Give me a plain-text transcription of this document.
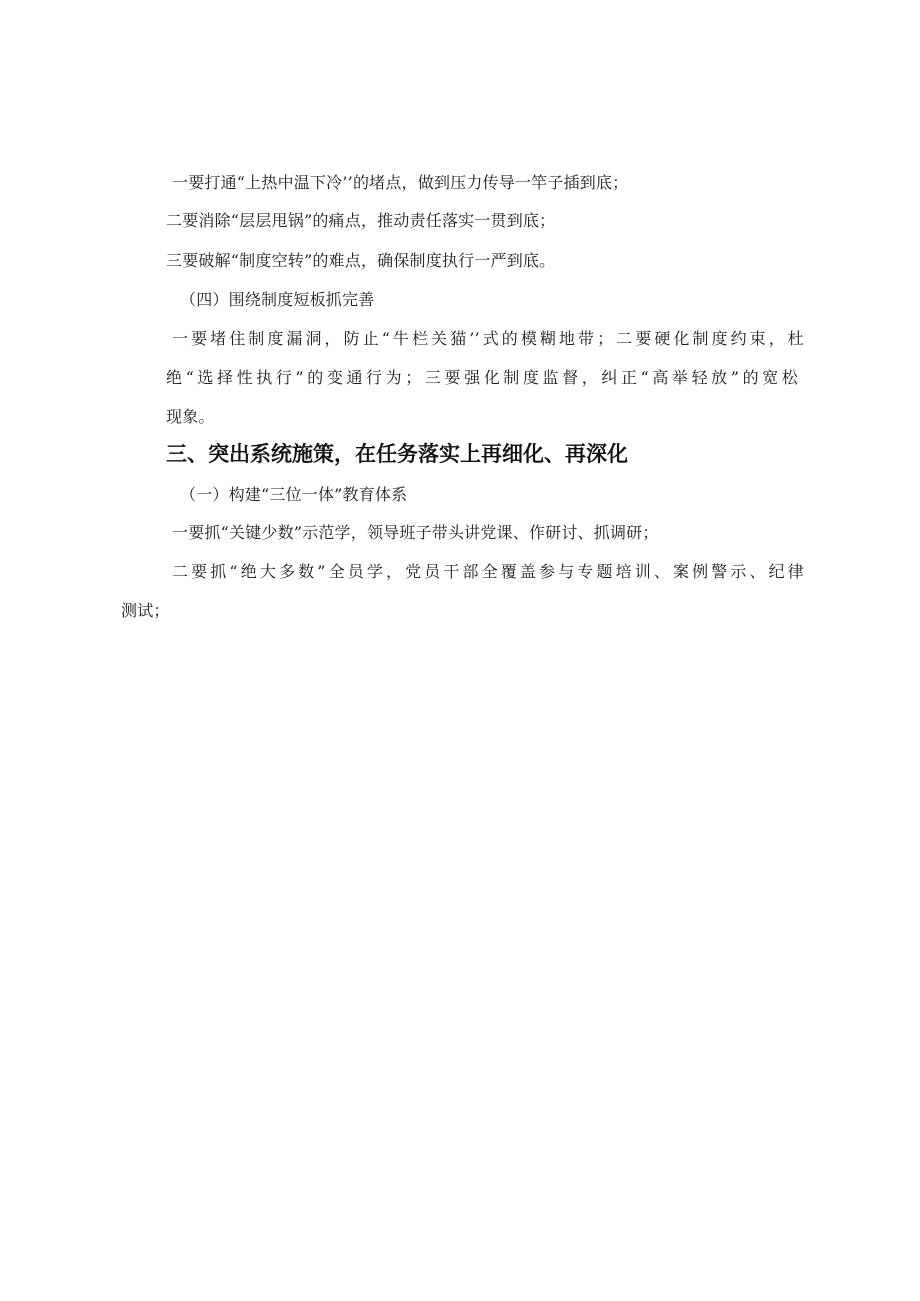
一要打通“上热中温下冷’’的堵点，做到压力传导一竿子插到底；
二要消除“层层甩锅”的痛点，推动责任落实一贯到底；
三要破解“制度空转”的难点，确保制度执行一严到底。
（四）围绕制度短板抓完善
一要堵住制度漏洞，防止“牛栏关猫’’式的模糊地带；二要硬化制度约束，杜
绝“选择性执行”的变通行为；三要强化制度监督，纠正“高举轻放”的宽松
现象。
三、突出系统施策，在任务落实上再细化、再深化
（一）构建“三位一体”教育体系
一要抓“关键少数”示范学，领导班子带头讲党课、作研讨、抓调研；
二要抓“绝大多数”全员学，党员干部全覆盖参与专题培训、案例警示、纪律
测试；
